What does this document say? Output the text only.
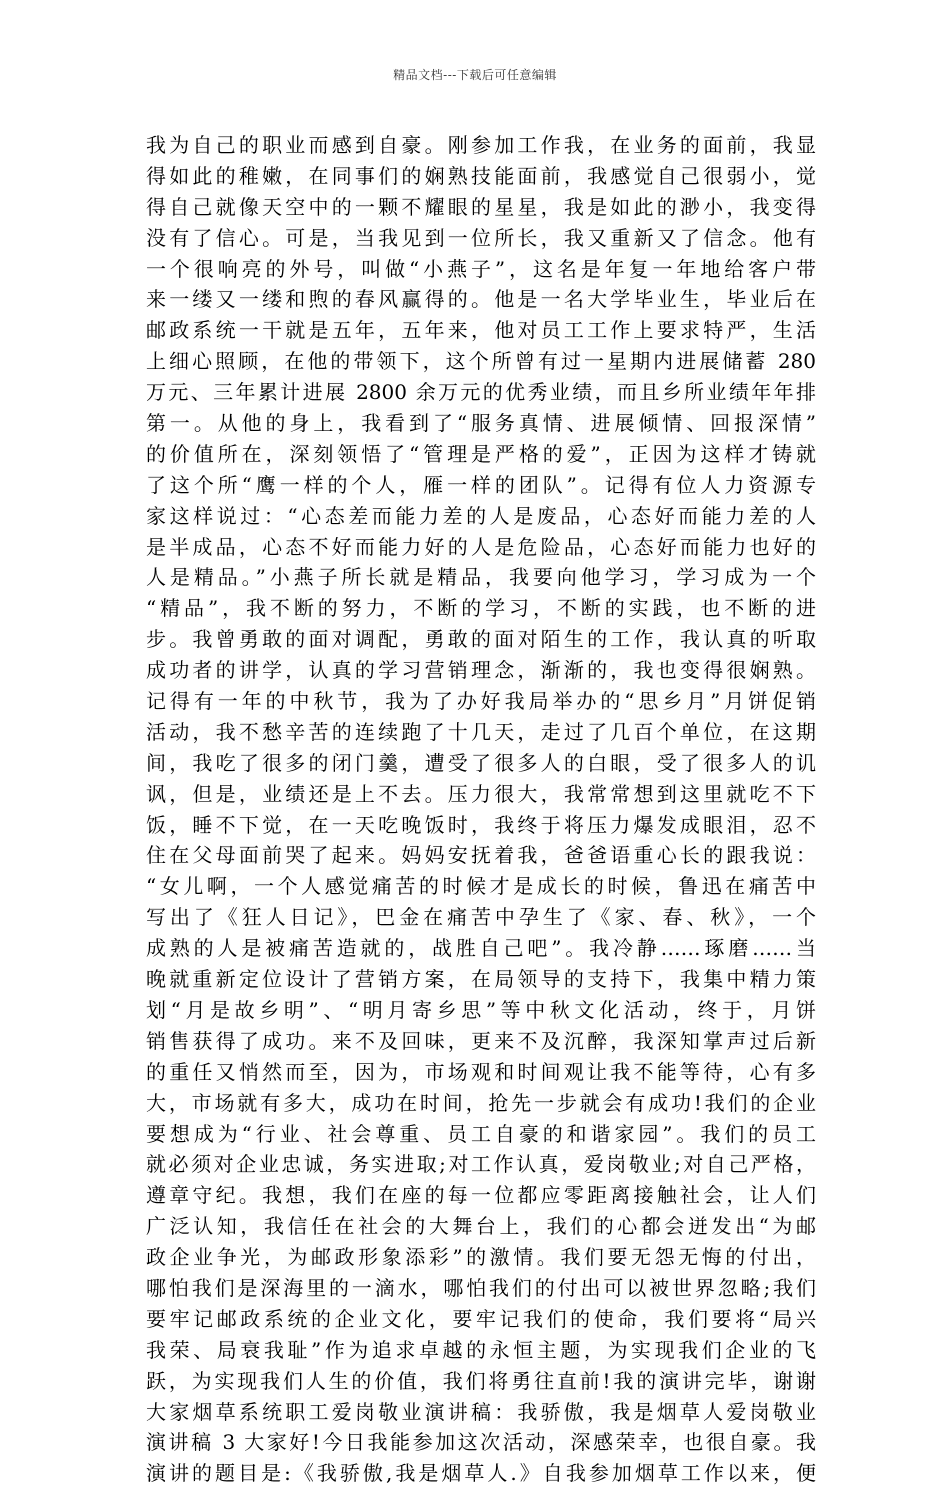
精品文档---下载后可任意编辑
我为自己的职业而感到自豪。刚参加工作我，在业务的面前，我显
得如此的稚嫩，在同事们的娴熟技能面前，我感觉自己很弱小，觉
得自己就像天空中的一颗不耀眼的星星，我是如此的渺小，我变得
没有了信心。可是，当我见到一位所长，我又重新又了信念。他有
一个很响亮的外号，叫做“小燕子”，这名是年复一年地给客户带
来一缕又一缕和煦的春风赢得的。他是一名大学毕业生，毕业后在
邮政系统一干就是五年，五年来，他对员工工作上要求特严，生活
上细心照顾，在他的带领下，这个所曾有过一星期内进展储蓄 280
万元、三年累计进展 2800 余万元的优秀业绩，而且乡所业绩年年排
第一。从他的身上，我看到了“服务真情、进展倾情、回报深情”
的价值所在，深刻领悟了“管理是严格的爱”，正因为这样才铸就
了这个所“鹰一样的个人，雁一样的团队”。记得有位人力资源专
家这样说过：“心态差而能力差的人是废品，心态好而能力差的人
是半成品，心态不好而能力好的人是危险品，心态好而能力也好的
人是精品。”小燕子所长就是精品，我要向他学习，学习成为一个
“精品”，我不断的努力，不断的学习，不断的实践，也不断的进
步。我曾勇敢的面对调配，勇敢的面对陌生的工作，我认真的听取
成功者的讲学，认真的学习营销理念，渐渐的，我也变得很娴熟。
记得有一年的中秋节，我为了办好我局举办的“思乡月”月饼促销
活动，我不愁辛苦的连续跑了十几天，走过了几百个单位，在这期
间，我吃了很多的闭门羹，遭受了很多人的白眼，受了很多人的讥
讽，但是，业绩还是上不去。压力很大，我常常想到这里就吃不下
饭，睡不下觉，在一天吃晚饭时，我终于将压力爆发成眼泪，忍不
住在父母面前哭了起来。妈妈安抚着我，爸爸语重心长的跟我说：
“女儿啊，一个人感觉痛苦的时候才是成长的时候，鲁迅在痛苦中
写出了《狂人日记》，巴金在痛苦中孕生了《家、春、秋》，一个
成熟的人是被痛苦造就的，战胜自己吧”。我冷静……琢磨……当
晚就重新定位设计了营销方案，在局领导的支持下，我集中精力策
划“月是故乡明”、“明月寄乡思”等中秋文化活动，终于，月饼
销售获得了成功。来不及回味，更来不及沉醉，我深知掌声过后新
的重任又悄然而至，因为，市场观和时间观让我不能等待，心有多
大，市场就有多大，成功在时间，抢先一步就会有成功!我们的企业
要想成为“行业、社会尊重、员工自豪的和谐家园”。我们的员工
就必须对企业忠诚，务实进取;对工作认真，爱岗敬业;对自己严格，
遵章守纪。我想，我们在座的每一位都应零距离接触社会，让人们
广泛认知，我信任在社会的大舞台上，我们的心都会迸发出“为邮
政企业争光，为邮政形象添彩”的激情。我们要无怨无悔的付出，
哪怕我们是深海里的一滴水，哪怕我们的付出可以被世界忽略;我们
要牢记邮政系统的企业文化，要牢记我们的使命，我们要将“局兴
我荣、局衰我耻”作为追求卓越的永恒主题，为实现我们企业的飞
跃，为实现我们人生的价值，我们将勇往直前!我的演讲完毕，谢谢
大家烟草系统职工爱岗敬业演讲稿：我骄傲，我是烟草人爱岗敬业
演讲稿 3 大家好!今日我能参加这次活动，深感荣幸，也很自豪。我
演讲的题目是:《我骄傲,我是烟草人.》自我参加烟草工作以来，便
